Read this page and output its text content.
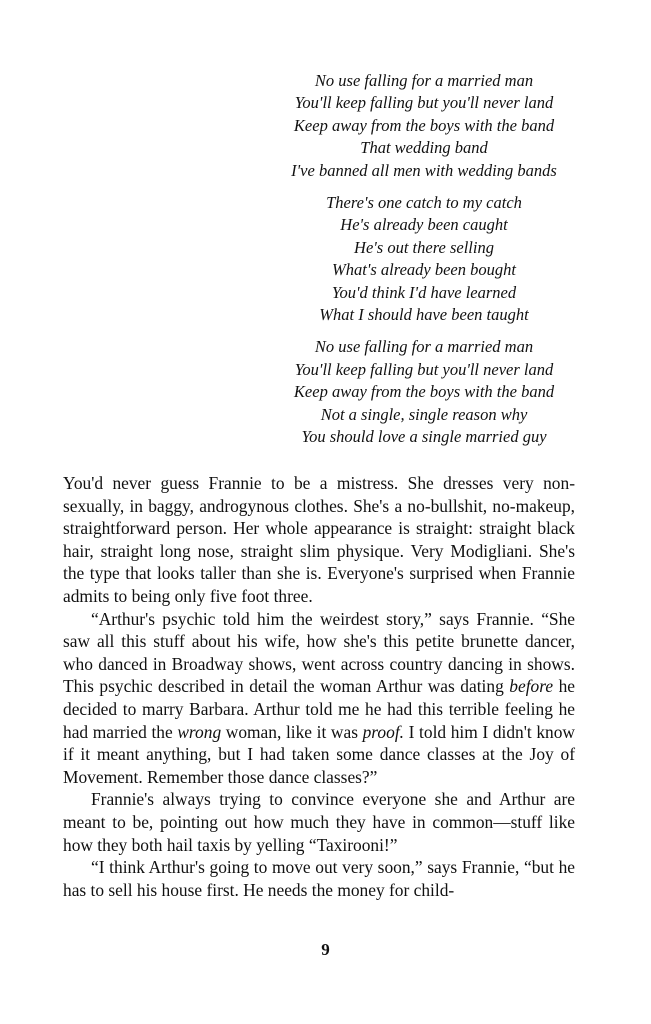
No use falling for a married man
You'll keep falling but you'll never land
Keep away from the boys with the band
That wedding band
I've banned all men with wedding bands
There's one catch to my catch
He's already been caught
He's out there selling
What's already been bought
You'd think I'd have learned
What I should have been taught
No use falling for a married man
You'll keep falling but you'll never land
Keep away from the boys with the band
Not a single, single reason why
You should love a single married guy

You'd never guess Frannie to be a mistress. She dresses very non-sexually, in baggy, androgynous clothes. She's a no-bullshit, no-makeup, straightforward person. Her whole appearance is straight: straight black hair, straight long nose, straight slim physique. Very Modigliani. She's the type that looks taller than she is. Everyone's surprised when Frannie admits to being only five foot three.

“Arthur's psychic told him the weirdest story,” says Frannie. “She saw all this stuff about his wife, how she's this petite brunette dancer, who danced in Broadway shows, went across country dancing in shows. This psychic described in detail the woman Arthur was dating before he decided to marry Barbara. Arthur told me he had this terrible feeling he had married the wrong woman, like it was proof. I told him I didn't know if it meant anything, but I had taken some dance classes at the Joy of Movement. Remember those dance classes?”

Frannie's always trying to convince everyone she and Arthur are meant to be, pointing out how much they have in common—stuff like how they both hail taxis by yelling “Taxirooni!”

“I think Arthur's going to move out very soon,” says Frannie, “but he has to sell his house first. He needs the money for child-

9
